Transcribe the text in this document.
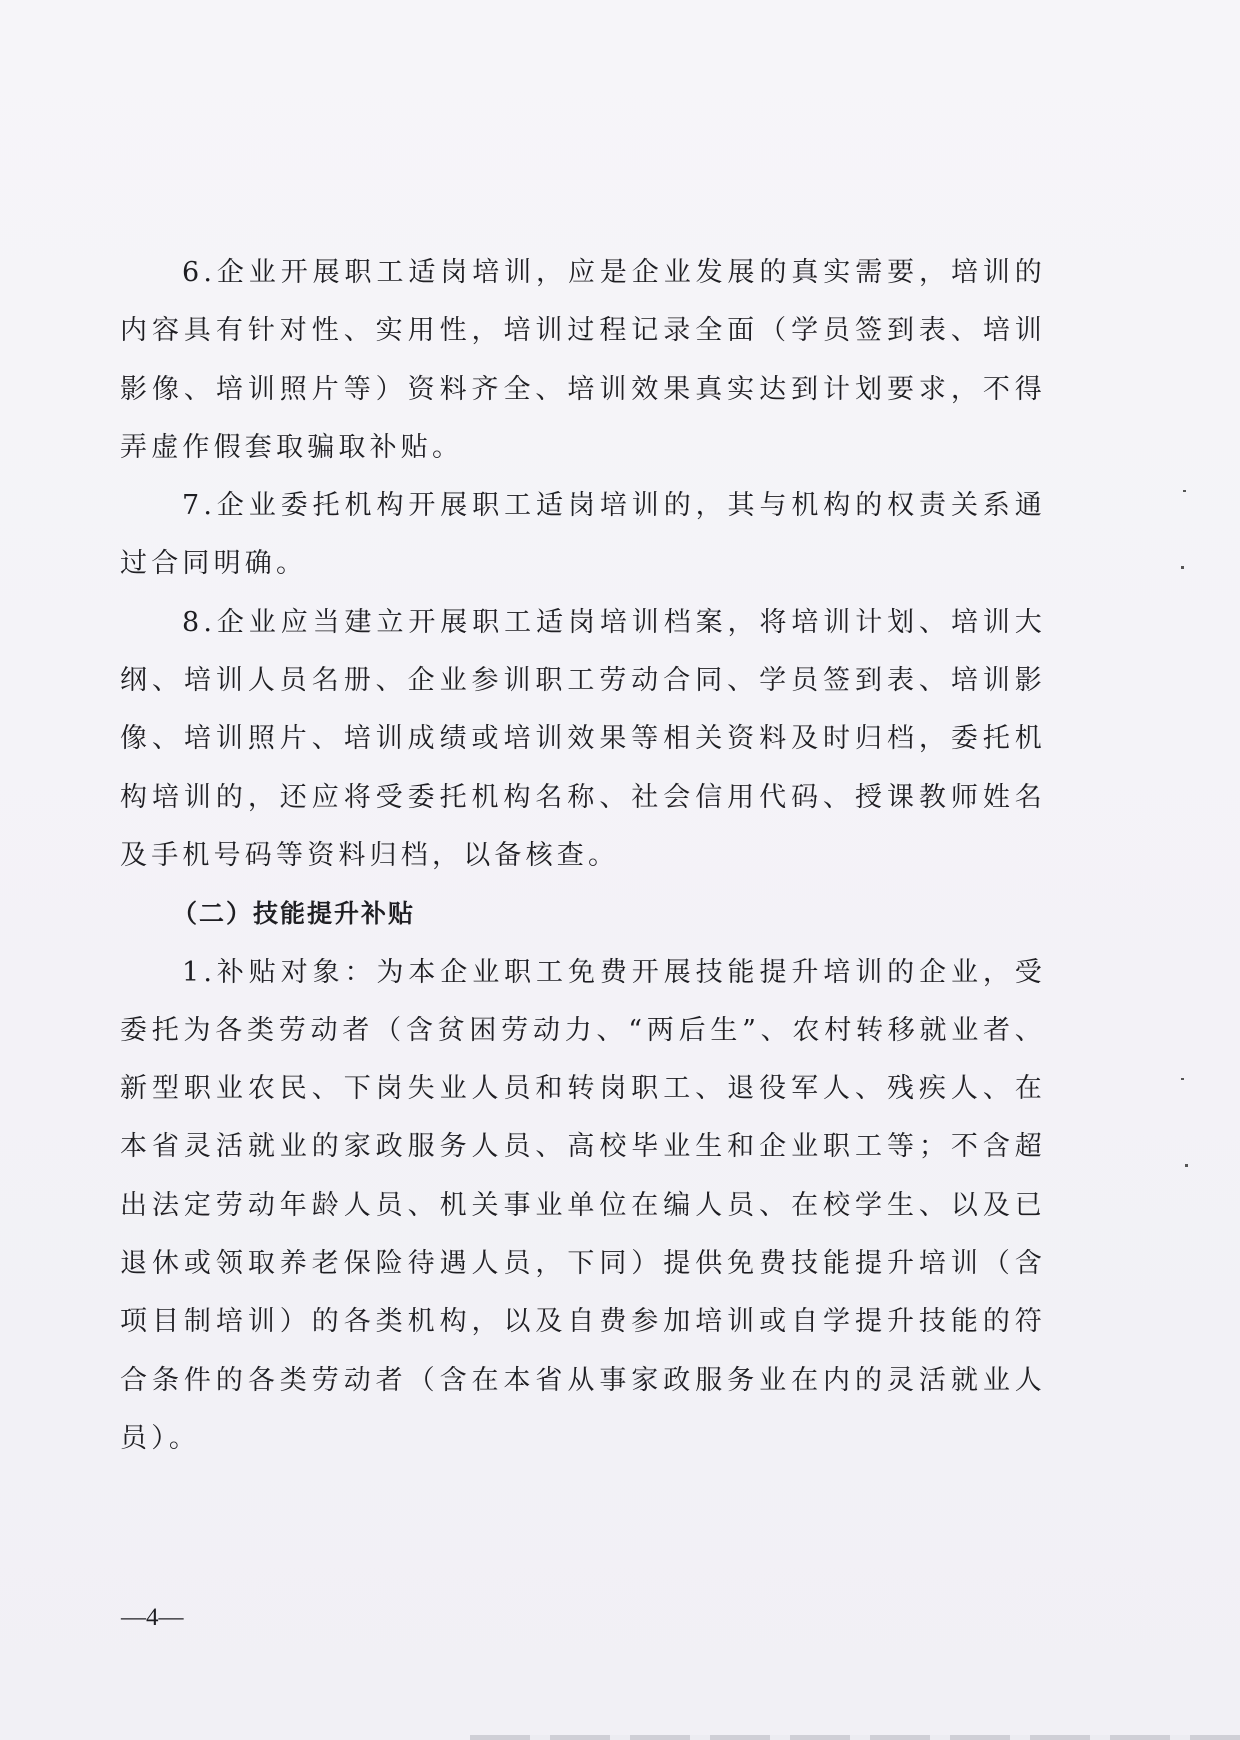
6.企业开展职工适岗培训，应是企业发展的真实需要，培训的内容具有针对性、实用性，培训过程记录全面（学员签到表、培训影像、培训照片等）资料齐全、培训效果真实达到计划要求，不得弄虚作假套取骗取补贴。

7.企业委托机构开展职工适岗培训的，其与机构的权责关系通过合同明确。

8.企业应当建立开展职工适岗培训档案，将培训计划、培训大纲、培训人员名册、企业参训职工劳动合同、学员签到表、培训影像、培训照片、培训成绩或培训效果等相关资料及时归档，委托机构培训的，还应将受委托机构名称、社会信用代码、授课教师姓名及手机号码等资料归档，以备核查。

（二）技能提升补贴

1.补贴对象：为本企业职工免费开展技能提升培训的企业，受委托为各类劳动者（含贫困劳动力、“两后生”、农村转移就业者、新型职业农民、下岗失业人员和转岗职工、退役军人、残疾人、在本省灵活就业的家政服务人员、高校毕业生和企业职工等；不含超出法定劳动年龄人员、机关事业单位在编人员、在校学生、以及已退休或领取养老保险待遇人员，下同）提供免费技能提升培训（含项目制培训）的各类机构，以及自费参加培训或自学提升技能的符合条件的各类劳动者（含在本省从事家政服务业在内的灵活就业人员）。

—4—
